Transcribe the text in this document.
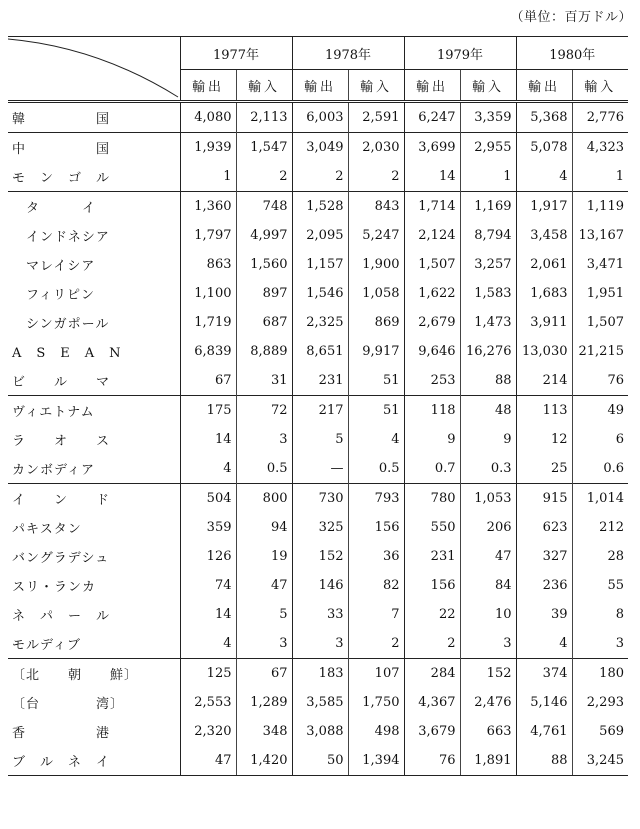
（単位：百万ドル）
	1977年		1978年		1979年		1980年	
	輸出	輸入	輸出	輸入	輸出	輸入	輸出	輸入
韓　　　　　国	4,080	2,113	6,003	2,591	6,247	3,359	5,368	2,776
中　　　　　国	1,939	1,547	3,049	2,030	3,699	2,955	5,078	4,323
モ　ン　ゴ　ル	1	2	2	2	14	1	4	1
　タ　　　イ	1,360	748	1,528	843	1,714	1,169	1,917	1,119
　インドネシア	1,797	4,997	2,095	5,247	2,124	8,794	3,458	13,167
　マレイシア	863	1,560	1,157	1,900	1,507	3,257	2,061	3,471
　フィリピン	1,100	897	1,546	1,058	1,622	1,583	1,683	1,951
　シンガポール	1,719	687	2,325	869	2,679	1,473	3,911	1,507
A　S　E　A　N	6,839	8,889	8,651	9,917	9,646	16,276	13,030	21,215
ビ　　ル　　マ	67	31	231	51	253	88	214	76
ヴィエトナム	175	72	217	51	118	48	113	49
ラ　　オ　　ス	14	3	5	4	9	9	12	6
カンボディア	4	0.5	—	0.5	0.7	0.3	25	0.6
イ　　ン　　ド	504	800	730	793	780	1,053	915	1,014
パキスタン	359	94	325	156	550	206	623	212
バングラデシュ	126	19	152	36	231	47	327	28
スリ・ランカ	74	47	146	82	156	84	236	55
ネ　パ　ー　ル	14	5	33	7	22	10	39	8
モルディブ	4	3	3	2	2	3	4	3
〔北　　朝　　鮮〕	125	67	183	107	284	152	374	180
〔台　　　　湾〕	2,553	1,289	3,585	1,750	4,367	2,476	5,146	2,293
香　　　　　港	2,320	348	3,088	498	3,679	663	4,761	569
ブ　ル　ネ　イ	47	1,420	50	1,394	76	1,891	88	3,245
